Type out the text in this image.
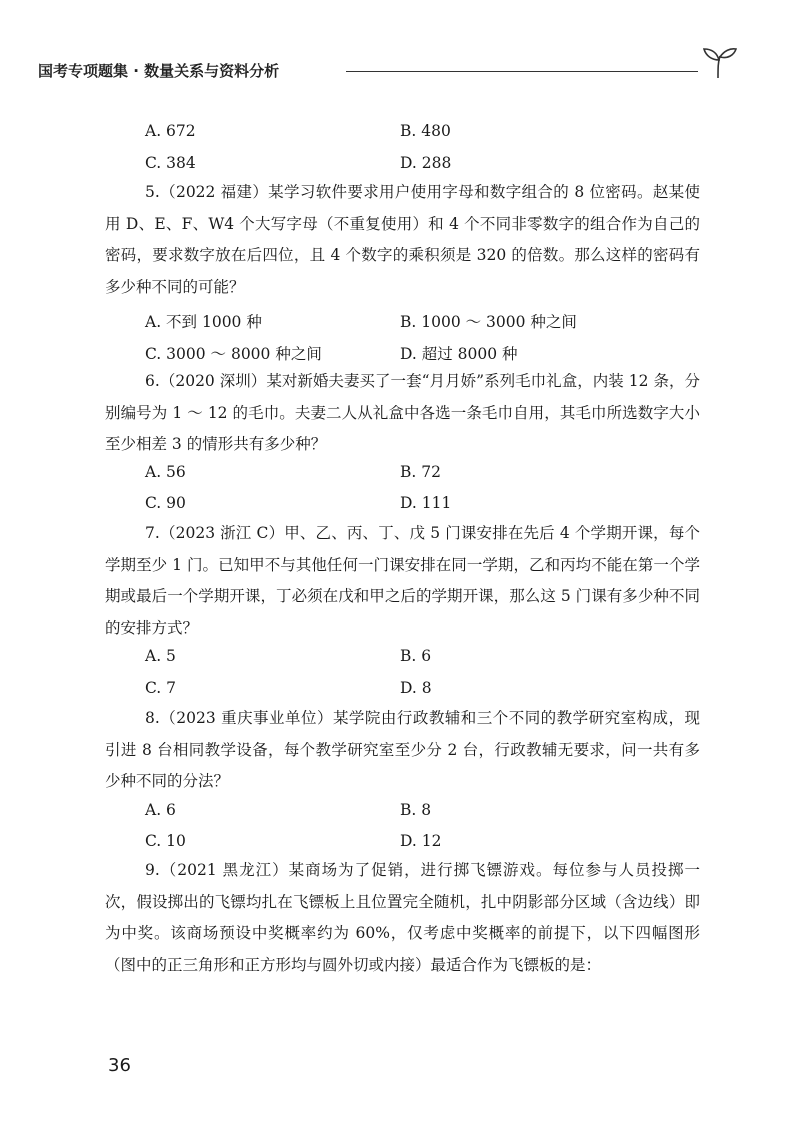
国考专项题集 · 数量关系与资料分析
A. 672	B. 480
C. 384	D. 288
5.（2022 福建）某学习软件要求用户使用字母和数字组合的 8 位密码。赵某使用 D、E、F、W4 个大写字母（不重复使用）和 4 个不同非零数字的组合作为自己的密码，要求数字放在后四位，且 4 个数字的乘积须是 320 的倍数。那么这样的密码有多少种不同的可能？
A. 不到 1000 种	B. 1000 ～ 3000 种之间
C. 3000 ～ 8000 种之间	D. 超过 8000 种
6.（2020 深圳）某对新婚夫妻买了一套“月月娇”系列毛巾礼盒，内装 12 条，分别编号为 1 ～ 12 的毛巾。夫妻二人从礼盒中各选一条毛巾自用，其毛巾所选数字大小至少相差 3 的情形共有多少种？
A. 56	B. 72
C. 90	D. 111
7.（2023 浙江 C）甲、乙、丙、丁、戊 5 门课安排在先后 4 个学期开课，每个学期至少 1 门。已知甲不与其他任何一门课安排在同一学期，乙和丙均不能在第一个学期或最后一个学期开课，丁必须在戊和甲之后的学期开课，那么这 5 门课有多少种不同的安排方式？
A. 5	B. 6
C. 7	D. 8
8.（2023 重庆事业单位）某学院由行政教辅和三个不同的教学研究室构成，现引进 8 台相同教学设备，每个教学研究室至少分 2 台，行政教辅无要求，问一共有多少种不同的分法？
A. 6	B. 8
C. 10	D. 12
9.（2021 黑龙江）某商场为了促销，进行掷飞镖游戏。每位参与人员投掷一次，假设掷出的飞镖均扎在飞镖板上且位置完全随机，扎中阴影部分区域（含边线）即为中奖。该商场预设中奖概率约为 60%，仅考虑中奖概率的前提下，以下四幅图形（图中的正三角形和正方形均与圆外切或内接）最适合作为飞镖板的是：
36
